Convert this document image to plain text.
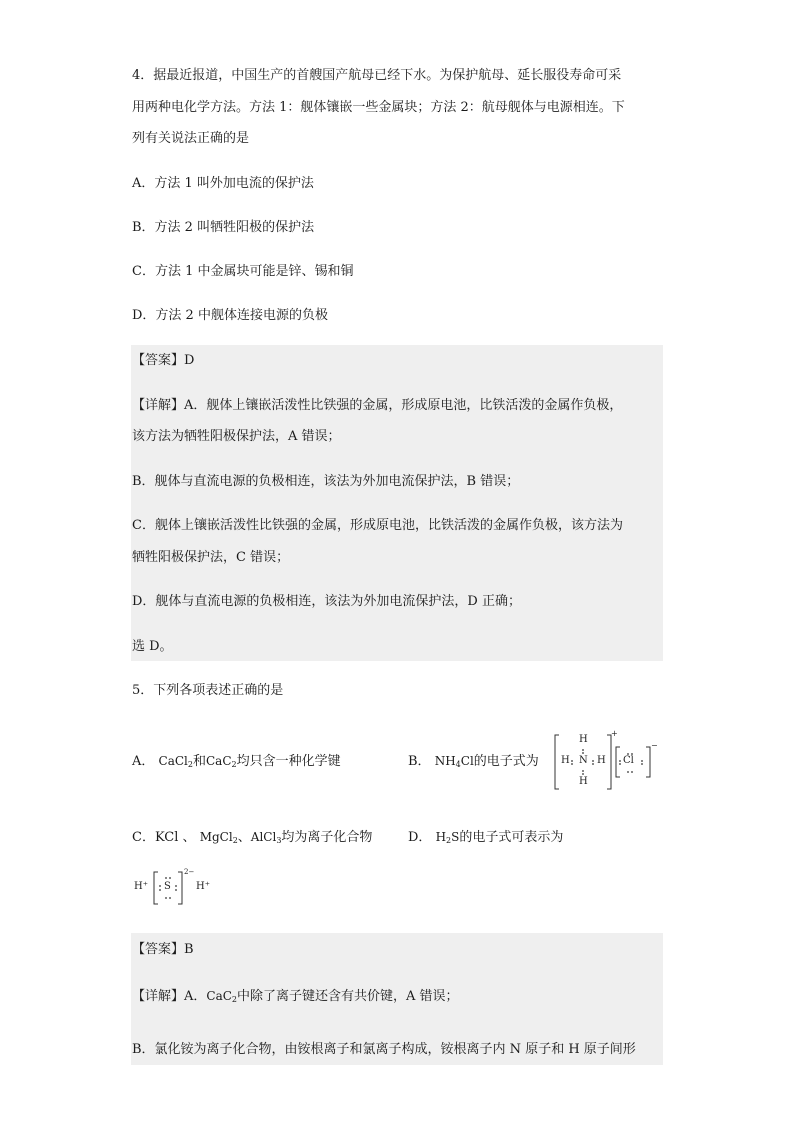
4．据最近报道，中国生产的首艘国产航母已经下水。为保护航母、延长服役寿命可采
用两种电化学方法。方法 1：舰体镶嵌一些金属块；方法 2：航母舰体与电源相连。下
列有关说法正确的是
A．方法 1 叫外加电流的保护法
B．方法 2 叫牺牲阳极的保护法
C．方法 1 中金属块可能是锌、锡和铜
D．方法 2 中舰体连接电源的负极
【答案】D
【详解】A．舰体上镶嵌活泼性比铁强的金属，形成原电池，比铁活泼的金属作负极，
该方法为牺牲阳极保护法，A 错误；
B．舰体与直流电源的负极相连，该法为外加电流保护法，B 错误；
C．舰体上镶嵌活泼性比铁强的金属，形成原电池，比铁活泼的金属作负极，该方法为
牺牲阳极保护法，C 错误；
D．舰体与直流电源的负极相连，该法为外加电流保护法，D 正确；
选 D。
5．下列各项表述正确的是
A． CaCl$_2$和CaC$_2$均只含一种化学键	B． $NH_4Cl$的电子式为
H
H N H
H
+
Cl
−
C．KCl 、 MgCl$_2$、AlCl$_3$均为离子化合物	D． $H_2S$的电子式可表示为
H⁺ S
2−
H⁺
【答案】B
【详解】A．CaC$_2$中除了离子键还含有共价键，A 错误；
B．氯化铵为离子化合物，由铵根离子和氯离子构成，铵根离子内 N 原子和 H 原子间形
